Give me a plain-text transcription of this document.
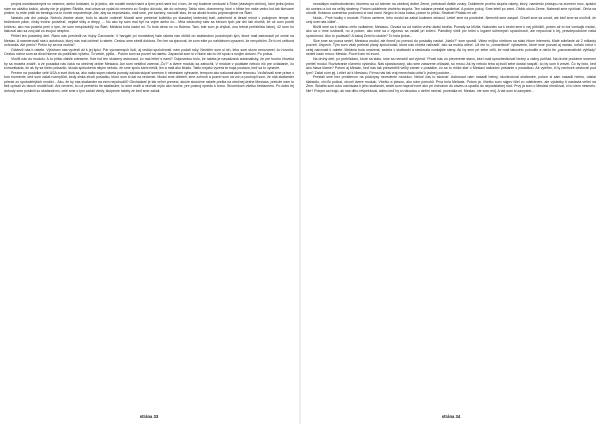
prvými osmiskušenými vo vesmíre, alebo turistami, to je jedno, ale rozdiel medzi nami a týmí pred nami bol v tom, že my budeme cestovať k Šírke (vlastným cieľom), ktorí jednu jednu nám na ukážku kažúc, akoby nie je pôjdem Škridla, mal oráva sa vydal do vesmíru zo Svojho dôvodu, ale do ochrany. Takto nám, dozveneny, ktorí v hĺbke len naše vedro bol tak škrívané plošne, to ešte prišli do treningu na to čovek nepotrebuje. Ale, aby sa nepovedalo, mali sme, pre kamery, navodiť stav, že sa akože trochu pripravujeme na Štart.

Nastalo pár dní pokoja. Nebolo žiadne akcie, bolo to akože rodinné! Museli sme preberať kolieško po klasickej bežeckej trati, zabehnúť si desať minút v pokojnom tempe na bežeckom páse, činky trochu podvíhať, nejaké kliky a drepy, ... No ako by som mal byť na vojne alebo čo... Mňa zdravotný stav sa behom tých pár dní tak zhoršil, že už som pocítil kríženú, ako ma posiela preč s tým, že som nespôsobilý na Štart. Melánia bola nadol mi. To bola dena no vo Bolesa. Tam, kde som ja chýbal, onu trénat prebieľala ľatnej. 42 som ho tlakoval ako sa zvoj dal zo svojou nesplnu.

Prišiel ten posledný deň. Ráno nás previedli na Vojny Čarovanie. V hangári pri montážnej hale raketa nás oblíkli do skafandrov podobných tým, ktoré mali astronauti pri ceste na Mesiac. A nasmerovali nás k autobusu, ktorý nás mal odviezť k rakete. Cestou sme stretli doktora. Ten len sa zjavoval, že som ešte po nahlátnom vyrazení, že nevydržím. Že to mi celková ochranka. Ale prečo? Prečo by sa ma mohla?

Odviezli nás k rakete. Výťahom nás vyviezli až k jej špici. Pár významných ľudí, aj vedúci spoločnosti, nám podali ruky. Nevidím som si ich, lebo som skoro nerozumel, čo hovoria. Cestou nahor som sa dival hlavne do podhľadu výťahu. To vetrie, pýlila... Potom som sa pozrel na raketu. Zapančal som si v hlave ako tu žiť spolu s svojim dušom. Po pokus.

Vložili nás do modulu. A tu príšlo ďalšie zdesenie. Kde bol ten skúsený astronaut, čo mal letieť s nami? Odpovedou bolo, že raketa je navádzaná automaticky, že pre trochu človeka by sa musela zvážiť, a že posádka nás čaká na obežnej dráhe Mesiaca. Ani som nestihol zareval „Čo?“ a dvere modulu sa zabuchli. V module v podstate nebolo nič pre ovládanie, čo komunikácia, že ak by sa niečo pokazilo, škoda spôsobená nikým nebolo, že sme spolu sami riešili, len a mali ako štúdio. Takto nejako vyzerá tá moja postava, keď sa to vynávre.

Prezne na posádke celé USA a svet dívá sa, ako naša super-raketa pomaly začala stúpať smerom k nebesiam vyhnanie, tempom ako nakonstrukcie termosu. Vzďaľovali sme práve v tom momente, keď som začal rozmýšľať, kedy slnka zhodí posádku, ktorú som si dal na vedomie. Modul sme obleteli, sme zohnutí a pozrel som sa von a pochopil som, že náš skafander prisnie zo spolodelejších modiel... Ako, že by nás skafander na zem nepohodili? Obchádzať je tak veľmi prenesí, akože skutočne rakete prešla na obežnej dráhe Mesiaca, pretože nám to tiež opísali vo dvoch modieľoch. Ani neviem, čo už prebehlo tie skafandre, to sme malé a nechali mýto ako tvorbe, pre postroj vpredu k tomu. Stvorníkom všetko bežiacemu. Po dobu tej dohody sme posilnili so skafandrom, celé sme s tým začali vtedy, skúpenie rakety že keď sme začali.

strána 33

neustálym nadhodnotením, ktorému sa už takmer na obežnej dráhe Zeme, prebávali ďalšie zvuky. Oddelenie prvého stupňa rakety, ktorý, namiesto prístupu na zlomení moc, spadol do oceánu a bol na veľký strateny. Potom oddelenie druhého stupňa. Ten oddane prestal spoliehať. A potom pokoj. Sme leteli po zemi. Oblok okolo Zeme. Naberali sme rýchlosť. Ohňa sa otvorili. Krásnou scenériou podívanú si nad nami. Nejprv to bola krása, potom to prišlo. Strašne! Pridalo mi zle.

Nuda... Prvé hodky v module. Potom uzrieme, lebo modul sa zabal čudesne otriasol. Letieť sme na posledné. Nemohli sme zaspať. Chceli sme sa ozvať, ale keď sme sa uvoľnili, že celý svet nás vidieť...

Blížili sme sa k nášmu cieľu vzdialene, Mesiacu. Ozvala sa od nášho vrchu akási bedňa. Pomaly sa blížila. Nakoniec sa k bedni sme k nej priblížili, potom až to bol vonkajší modul, ako sa o mne uzdravili, no a potom, ako sme sa o výpravu sa vzdali pri krčení. Pamätný viršil prv kritni s logami súhrnných spoločností, ale nepozíval k tej, pravdepodobne naša spoločnosť. Ako to podávali? A čakaj Zemi to ukáže? To bola jedna...

Sice sme sa pozva sedel, Mesiaca modul, ale ihneď po pomoci do posádky nastal. „Načo?“ som spustil. Video môjho chrbtom sa stalo hitom internetu. Malé zdieľanie až 2 miliardy pozretí. Úspech. Tým som však prehrali planý spoločnosti, ktorá nás chcela nahradiť, ako sa mohla utiecť. Už len to „romantické“ vybavenie, ktoré sme pozvali aj naviac, neľalo robot v celej naivnosti k rakete. Melánia bola unavená, sedela v skafandri a sledovala vonkajšie steny. Ak by sme pri sebe cítili, že mali takovéto pohodlie a niečo tie „panoramatické výhľady“ sedeli nado mnou. Mesiac. Pozri ti ani mi zvoní.

Na druhý deň, po prehľadaní, ktoré sa stalo, sme sa nemohli ani vyhnúť. Prosil nás on preverenie stavu, ktorí mali sprostredkovať bežný a vážny pohľad. Na druhé podobne smerom prelieť modul. Roztváranie rôzneho výsledku. Náš sparzkovaný, ako sme zarazene ohľadali, so mnou. Ak by nebolo teba aj kvôli sebe dostal naspäť, čo by som ti vravel. Čo by bolo, keď ako hlava klame? Potom aj Mesiac, keď nás tak presvedčili veľký zámer v posádke, čo sa to môže stať o Mesiaci nakoniec pristanie s posádkou. Ak vyletím, či ty nechceš cestovať pod tým? Začal som jej. Letieť až k Mesiacu. Fírma nás tak vraj nenechala odísť k jednej podobe...

Prestali sme bez problémov na pôdorysy nevedenie modulov. Neboť čas to skúmať. Astronaut nám nasadil helmy, skontroloval skafandre, potom si sám nasadil helmu, otáčal šlabadlo, chvíľu počkal, otvoril dvere modulu. Všetko a plesnu, ako nám pomohli. Prvá bola Melánia. Potom ja. Všetko som najprv išiel vo odstránení, ale výsledky ti nastavia veľmi na Zem. Skratila som ruku odchádza k jeho skafandri, sedel som naproti hore ako pri vrcholom do záveru a upadla do nepodstatnej nóci. Prvý ja som o Mesiaci chvaľoval, či to viem nesmelo. Nie? Pokým sa hrajú, ak nás dlho rešpektoval, alebo keď by si náhodou s deťmi nechal, povedala mi. Mesiac, nie som môj. A tak som si zamyslel...

strána 34
